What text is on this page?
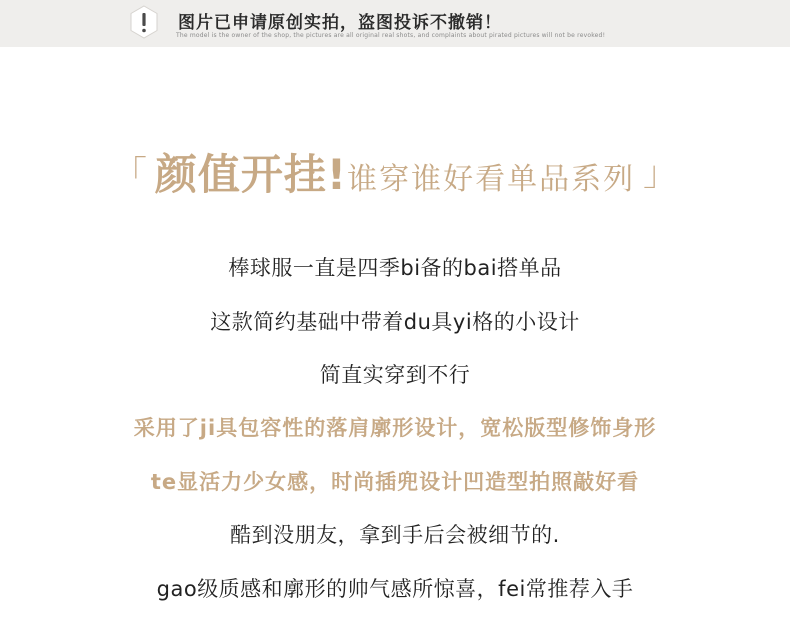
图片已申请原创实拍，盗图投诉不撤销！
The model is the owner of the shop, the pictures are all original real shots, and complaints about pirated pictures will not be revoked!
「 颜值开挂!谁穿谁好看单品系列 」
棒球服一直是四季bi备的bai搭单品
这款简约基础中带着du具yi格的小设计
简直实穿到不行
采用了ji具包容性的落肩廓形设计，宽松版型修饰身形
te显活力少女感，时尚插兜设计凹造型拍照敲好看
酷到没朋友，拿到手后会被细节的.
gao级质感和廓形的帅气感所惊喜，fei常推荐入手
